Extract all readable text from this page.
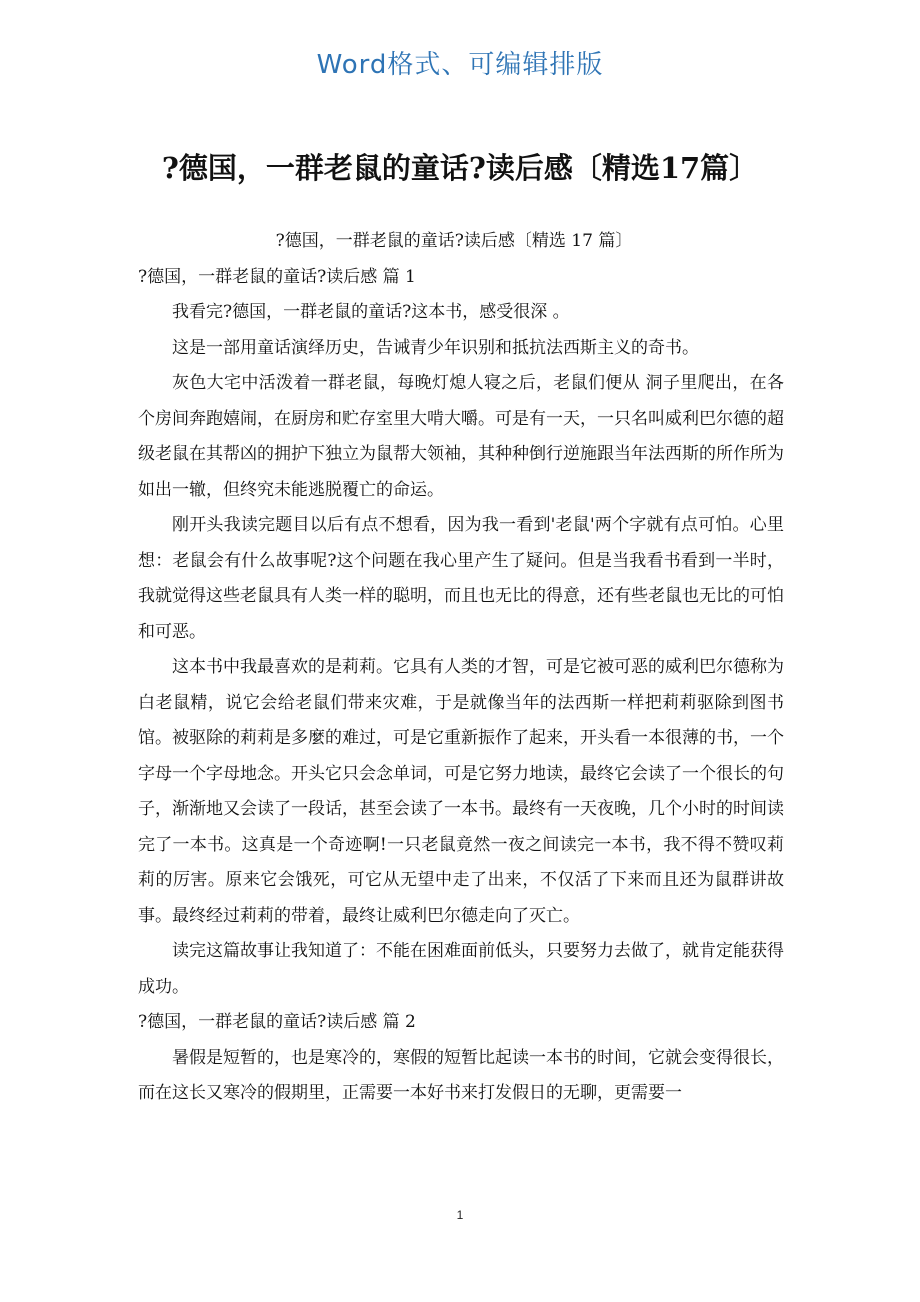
Word格式、可编辑排版
?德国，一群老鼠的童话?读后感〔精选17篇〕

?德国，一群老鼠的童话?读后感〔精选 17 篇〕

?德国，一群老鼠的童话?读后感 篇 1

我看完?德国，一群老鼠的童话?这本书，感受很深 。

这是一部用童话演绎历史，告诫青少年识别和抵抗法西斯主义的奇书。

灰色大宅中活泼着一群老鼠，每晚灯熄人寝之后，老鼠们便从 洞子里爬出，在各个房间奔跑嬉闹，在厨房和贮存室里大啃大嚼。可是有一天，一只名叫威利巴尔德的超级老鼠在其帮凶的拥护下独立为鼠帮大领袖，其种种倒行逆施跟当年法西斯的所作所为如出一辙，但终究未能逃脱覆亡的命运。

刚开头我读完题目以后有点不想看，因为我一看到'老鼠'两个字就有点可怕。心里想：老鼠会有什么故事呢?这个问题在我心里产生了疑问。但是当我看书看到一半时，我就觉得这些老鼠具有人类一样的聪明，而且也无比的得意，还有些老鼠也无比的可怕和可恶。

这本书中我最喜欢的是莉莉。它具有人类的才智，可是它被可恶的威利巴尔德称为白老鼠精，说它会给老鼠们带来灾难，于是就像当年的法西斯一样把莉莉驱除到图书馆。被驱除的莉莉是多麼的难过，可是它重新振作了起来，开头看一本很薄的书，一个字母一个字母地念。开头它只会念单词，可是它努力地读，最终它会读了一个很长的句子，渐渐地又会读了一段话，甚至会读了一本书。最终有一天夜晚，几个小时的时间读完了一本书。这真是一个奇迹啊!一只老鼠竟然一夜之间读完一本书，我不得不赞叹莉莉的厉害。原来它会饿死，可它从无望中走了出来，不仅活了下来而且还为鼠群讲故事。最终经过莉莉的带着，最终让威利巴尔德走向了灭亡。

读完这篇故事让我知道了：不能在困难面前低头，只要努力去做了，就肯定能获得成功。

?德国，一群老鼠的童话?读后感 篇 2

暑假是短暂的，也是寒冷的，寒假的短暂比起读一本书的时间，它就会变得很长，而在这长又寒冷的假期里，正需要一本好书来打发假日的无聊，更需要一

1
